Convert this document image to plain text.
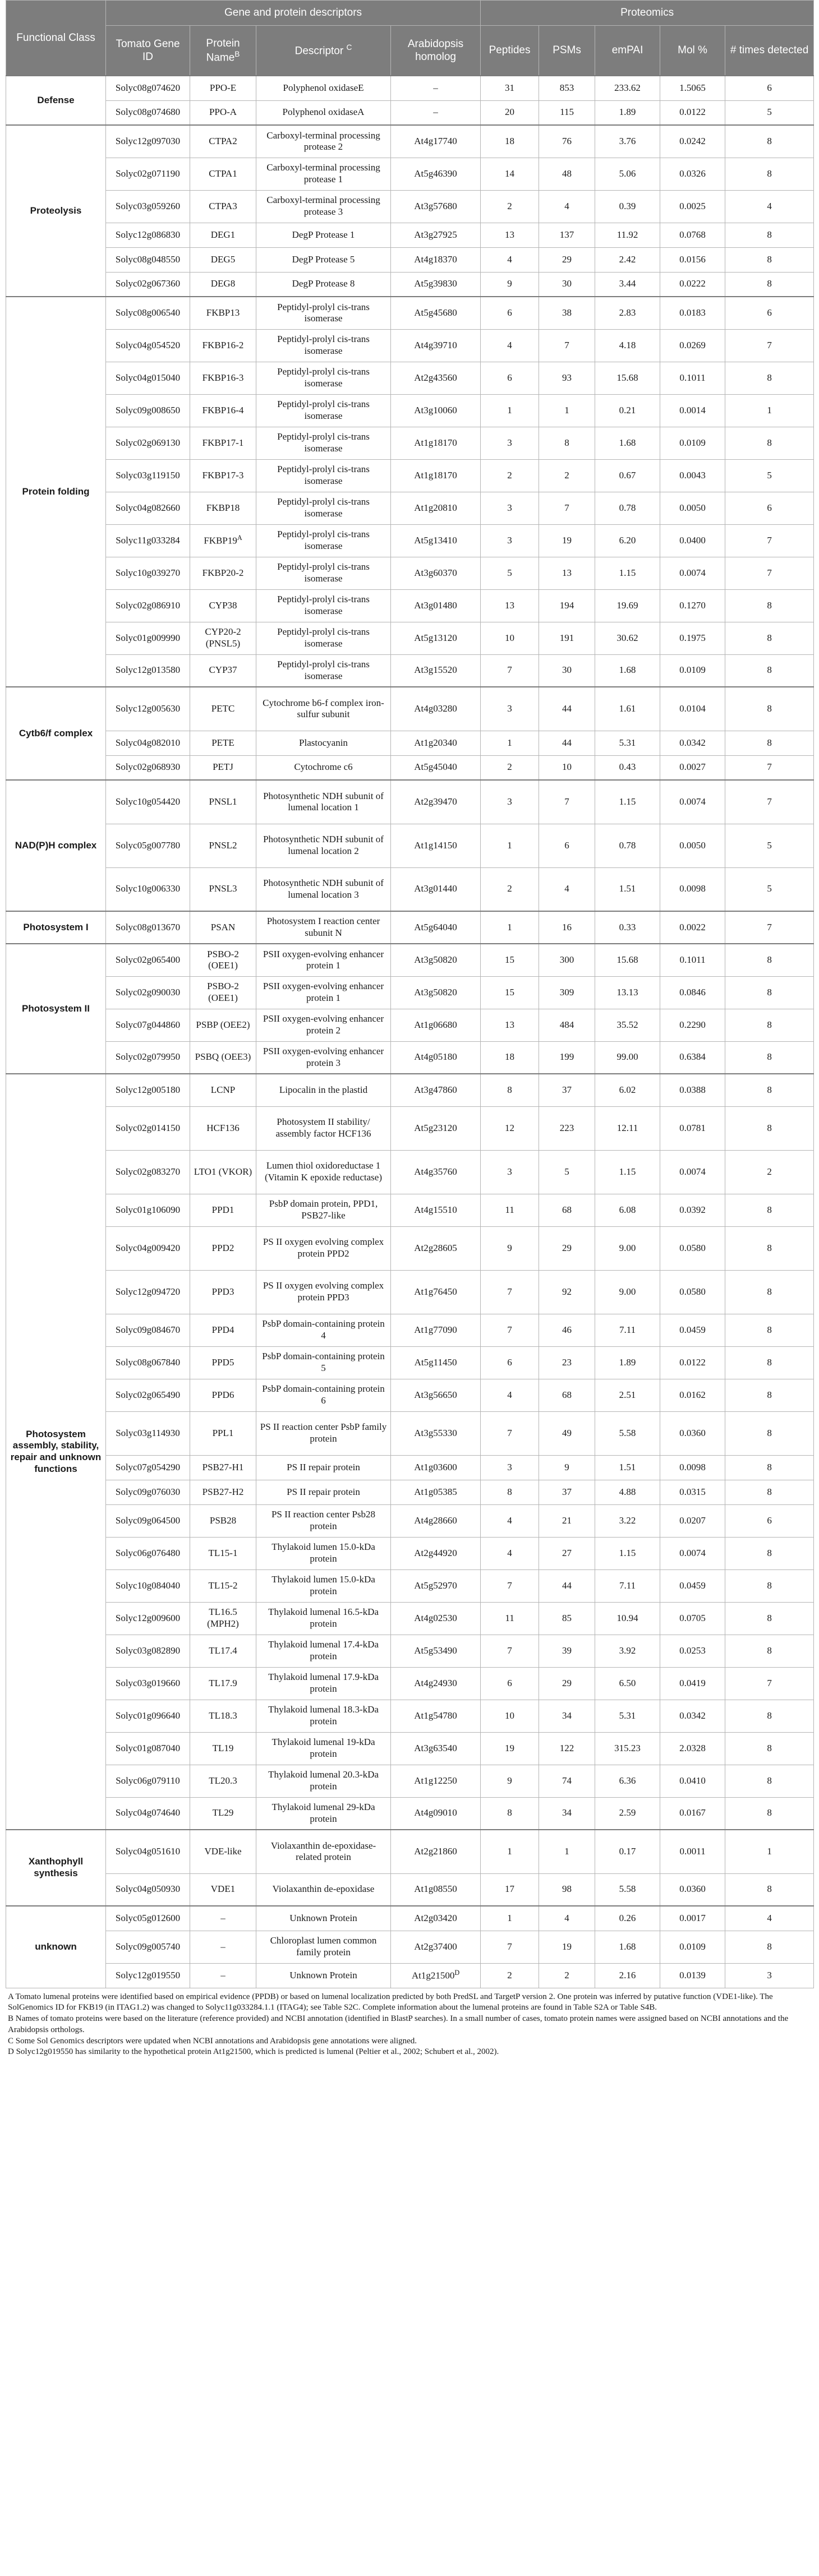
Functional Class	Gene and protein descriptors				Proteomics				
	Tomato Gene ID	Protein Name$^B$	Descriptor $^C$	Arabidopsis homolog	Peptides	PSMs	emPAI	Mol %	# times detected
Defense	Solyc08g074620	PPO-E	Polyphenol oxidaseE	–	31	853	233.62	1.5065	6
	Solyc08g074680	PPO-A	Polyphenol oxidaseA	–	20	115	1.89	0.0122	5
Proteolysis	Solyc12g097030	CTPA2	Carboxyl-terminal processing protease 2	At4g17740	18	76	3.76	0.0242	8
	Solyc02g071190	CTPA1	Carboxyl-terminal processing protease 1	At5g46390	14	48	5.06	0.0326	8
	Solyc03g059260	CTPA3	Carboxyl-terminal processing protease 3	At3g57680	2	4	0.39	0.0025	4
	Solyc12g086830	DEG1	DegP Protease 1	At3g27925	13	137	11.92	0.0768	8
	Solyc08g048550	DEG5	DegP Protease 5	At4g18370	4	29	2.42	0.0156	8
	Solyc02g067360	DEG8	DegP Protease 8	At5g39830	9	30	3.44	0.0222	8
Protein folding	Solyc08g006540	FKBP13	Peptidyl-prolyl cis-trans isomerase	At5g45680	6	38	2.83	0.0183	6
	Solyc04g054520	FKBP16-2	Peptidyl-prolyl cis-trans isomerase	At4g39710	4	7	4.18	0.0269	7
	Solyc04g015040	FKBP16-3	Peptidyl-prolyl cis-trans isomerase	At2g43560	6	93	15.68	0.1011	8
	Solyc09g008650	FKBP16-4	Peptidyl-prolyl cis-trans isomerase	At3g10060	1	1	0.21	0.0014	1
	Solyc02g069130	FKBP17-1	Peptidyl-prolyl cis-trans isomerase	At1g18170	3	8	1.68	0.0109	8
	Solyc03g119150	FKBP17-3	Peptidyl-prolyl cis-trans isomerase	At1g18170	2	2	0.67	0.0043	5
	Solyc04g082660	FKBP18	Peptidyl-prolyl cis-trans isomerase	At1g20810	3	7	0.78	0.0050	6
	Solyc11g033284	$FKBP19^A$	Peptidyl-prolyl cis-trans isomerase	At5g13410	3	19	6.20	0.0400	7
	Solyc10g039270	FKBP20-2	Peptidyl-prolyl cis-trans isomerase	At3g60370	5	13	1.15	0.0074	7
	Solyc02g086910	CYP38	Peptidyl-prolyl cis-trans isomerase	At3g01480	13	194	19.69	0.1270	8
	Solyc01g009990	CYP20-2 (PNSL5)	Peptidyl-prolyl cis-trans isomerase	At5g13120	10	191	30.62	0.1975	8
	Solyc12g013580	CYP37	Peptidyl-prolyl cis-trans isomerase	At3g15520	7	30	1.68	0.0109	8
Cytb6/f complex	Solyc12g005630	PETC	Cytochrome b6-f complex iron-sulfur subunit	At4g03280	3	44	1.61	0.0104	8
	Solyc04g082010	PETE	Plastocyanin	At1g20340	1	44	5.31	0.0342	8
	Solyc02g068930	PETJ	Cytochrome c6	At5g45040	2	10	0.43	0.0027	7
NAD(P)H complex	Solyc10g054420	PNSL1	Photosynthetic NDH subunit of lumenal location 1	At2g39470	3	7	1.15	0.0074	7
	Solyc05g007780	PNSL2	Photosynthetic NDH subunit of lumenal location 2	At1g14150	1	6	0.78	0.0050	5
	Solyc10g006330	PNSL3	Photosynthetic NDH subunit of lumenal location 3	At3g01440	2	4	1.51	0.0098	5
Photosystem I	Solyc08g013670	PSAN	Photosystem I reaction center subunit N	At5g64040	1	16	0.33	0.0022	7
Photosystem II	Solyc02g065400	PSBO-2 (OEE1)	PSII oxygen-evolving enhancer protein 1	At3g50820	15	300	15.68	0.1011	8
	Solyc02g090030	PSBO-2 (OEE1)	PSII oxygen-evolving enhancer protein 1	At3g50820	15	309	13.13	0.0846	8
	Solyc07g044860	PSBP (OEE2)	PSII oxygen-evolving enhancer protein 2	At1g06680	13	484	35.52	0.2290	8
	Solyc02g079950	PSBQ (OEE3)	PSII oxygen-evolving enhancer protein 3	At4g05180	18	199	99.00	0.6384	8
Photosystem assembly, stability, repair and unknown functions	Solyc12g005180	LCNP	Lipocalin in the plastid	At3g47860	8	37	6.02	0.0388	8
	Solyc02g014150	HCF136	Photosystem II stability/ assembly factor HCF136	At5g23120	12	223	12.11	0.0781	8
	Solyc02g083270	LTO1 (VKOR)	Lumen thiol oxidoreductase 1 (Vitamin K epoxide reductase)	At4g35760	3	5	1.15	0.0074	2
	Solyc01g106090	PPD1	PsbP domain protein, PPD1, PSB27-like	At4g15510	11	68	6.08	0.0392	8
	Solyc04g009420	PPD2	PS II oxygen evolving complex protein PPD2	At2g28605	9	29	9.00	0.0580	8
	Solyc12g094720	PPD3	PS II oxygen evolving complex protein PPD3	At1g76450	7	92	9.00	0.0580	8
	Solyc09g084670	PPD4	PsbP domain-containing protein 4	At1g77090	7	46	7.11	0.0459	8
	Solyc08g067840	PPD5	PsbP domain-containing protein 5	At5g11450	6	23	1.89	0.0122	8
	Solyc02g065490	PPD6	PsbP domain-containing protein 6	At3g56650	4	68	2.51	0.0162	8
	Solyc03g114930	PPL1	PS II reaction center PsbP family protein	At3g55330	7	49	5.58	0.0360	8
	Solyc07g054290	PSB27-H1	PS II repair protein	At1g03600	3	9	1.51	0.0098	8
	Solyc09g076030	PSB27-H2	PS II repair protein	At1g05385	8	37	4.88	0.0315	8
	Solyc09g064500	PSB28	PS II reaction center Psb28 protein	At4g28660	4	21	3.22	0.0207	6
	Solyc06g076480	TL15-1	Thylakoid lumen 15.0-kDa protein	At2g44920	4	27	1.15	0.0074	8
	Solyc10g084040	TL15-2	Thylakoid lumen 15.0-kDa protein	At5g52970	7	44	7.11	0.0459	8
	Solyc12g009600	TL16.5 (MPH2)	Thylakoid lumenal 16.5-kDa protein	At4g02530	11	85	10.94	0.0705	8
	Solyc03g082890	TL17.4	Thylakoid lumenal 17.4-kDa protein	At5g53490	7	39	3.92	0.0253	8
	Solyc03g019660	TL17.9	Thylakoid lumenal 17.9-kDa protein	At4g24930	6	29	6.50	0.0419	7
	Solyc01g096640	TL18.3	Thylakoid lumenal 18.3-kDa protein	At1g54780	10	34	5.31	0.0342	8
	Solyc01g087040	TL19	Thylakoid lumenal 19-kDa protein	At3g63540	19	122	315.23	2.0328	8
	Solyc06g079110	TL20.3	Thylakoid lumenal 20.3-kDa protein	At1g12250	9	74	6.36	0.0410	8
	Solyc04g074640	TL29	Thylakoid lumenal 29-kDa protein	At4g09010	8	34	2.59	0.0167	8
Xanthophyll synthesis	Solyc04g051610	VDE-like	Violaxanthin de-epoxidase-related protein	At2g21860	1	1	0.17	0.0011	1
	Solyc04g050930	VDE1	Violaxanthin de-epoxidase	At1g08550	17	98	5.58	0.0360	8
unknown	Solyc05g012600	–	Unknown Protein	At2g03420	1	4	0.26	0.0017	4
	Solyc09g005740	–	Chloroplast lumen common family protein	At2g37400	7	19	1.68	0.0109	8
	Solyc12g019550	–	Unknown Protein	$At1g21500^D$	2	2	2.16	0.0139	3

A Tomato lumenal proteins were identified based on empirical evidence (PPDB) or based on lumenal localization predicted by both PredSL and TargetP version 2. One protein was inferred by putative function (VDE1-like). The SolGenomics ID for FKB19 (in ITAG1.2) was changed to Solyc11g033284.1.1 (ITAG4); see Table S2C. Complete information about the lumenal proteins are found in Table S2A or Table S4B.

B Names of tomato proteins were based on the literature (reference provided) and NCBI annotation (identified in BlastP searches). In a small number of cases, tomato protein names were assigned based on NCBI annotations and the Arabidopsis orthologs.

C Some Sol Genomics descriptors were updated when NCBI annotations and Arabidopsis gene annotations were aligned.

D Solyc12g019550 has similarity to the hypothetical protein At1g21500, which is predicted is lumenal (Peltier et al., 2002; Schubert et al., 2002).
